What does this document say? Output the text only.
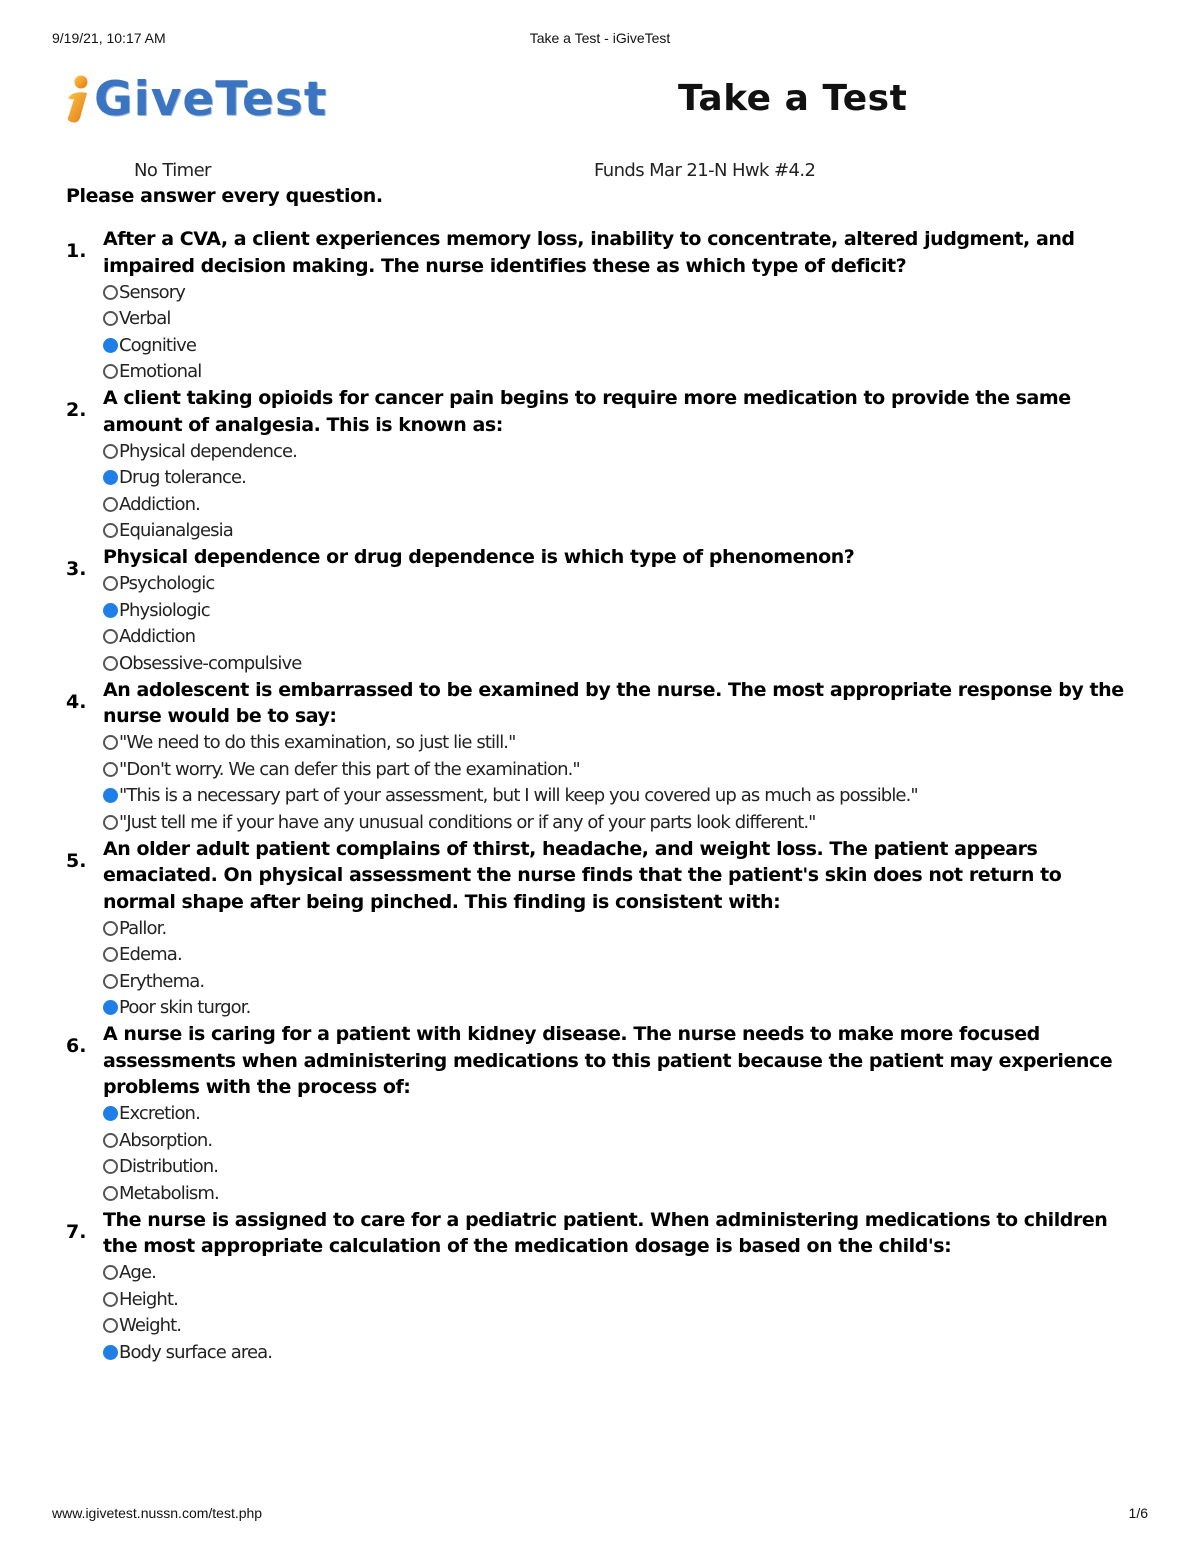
9/19/21, 10:17 AM	Take a Test - iGiveTest
GiveTest	Take a Test
No Timer	Funds Mar 21-N Hwk #4.2
Please answer every question.
1.
After a CVA, a client experiences memory loss, inability to concentrate, altered judgment, and impaired decision making. The nurse identifies these as which type of deficit?
Sensory
Verbal
Cognitive
Emotional
2.
A client taking opioids for cancer pain begins to require more medication to provide the same amount of analgesia. This is known as:
Physical dependence.
Drug tolerance.
Addiction.
Equianalgesia
3.
Physical dependence or drug dependence is which type of phenomenon?
Psychologic
Physiologic
Addiction
Obsessive-compulsive
4.
An adolescent is embarrassed to be examined by the nurse. The most appropriate response by the nurse would be to say:
"We need to do this examination, so just lie still."
"Don't worry. We can defer this part of the examination."
"This is a necessary part of your assessment, but I will keep you covered up as much as possible."
"Just tell me if your have any unusual conditions or if any of your parts look different."
5.
An older adult patient complains of thirst, headache, and weight loss. The patient appears emaciated. On physical assessment the nurse finds that the patient's skin does not return to normal shape after being pinched. This finding is consistent with:
Pallor.
Edema.
Erythema.
Poor skin turgor.
6.
A nurse is caring for a patient with kidney disease. The nurse needs to make more focused assessments when administering medications to this patient because the patient may experience problems with the process of:
Excretion.
Absorption.
Distribution.
Metabolism.
7.
The nurse is assigned to care for a pediatric patient. When administering medications to children the most appropriate calculation of the medication dosage is based on the child's:
Age.
Height.
Weight.
Body surface area.
www.igivetest.nussn.com/test.php	1/6
